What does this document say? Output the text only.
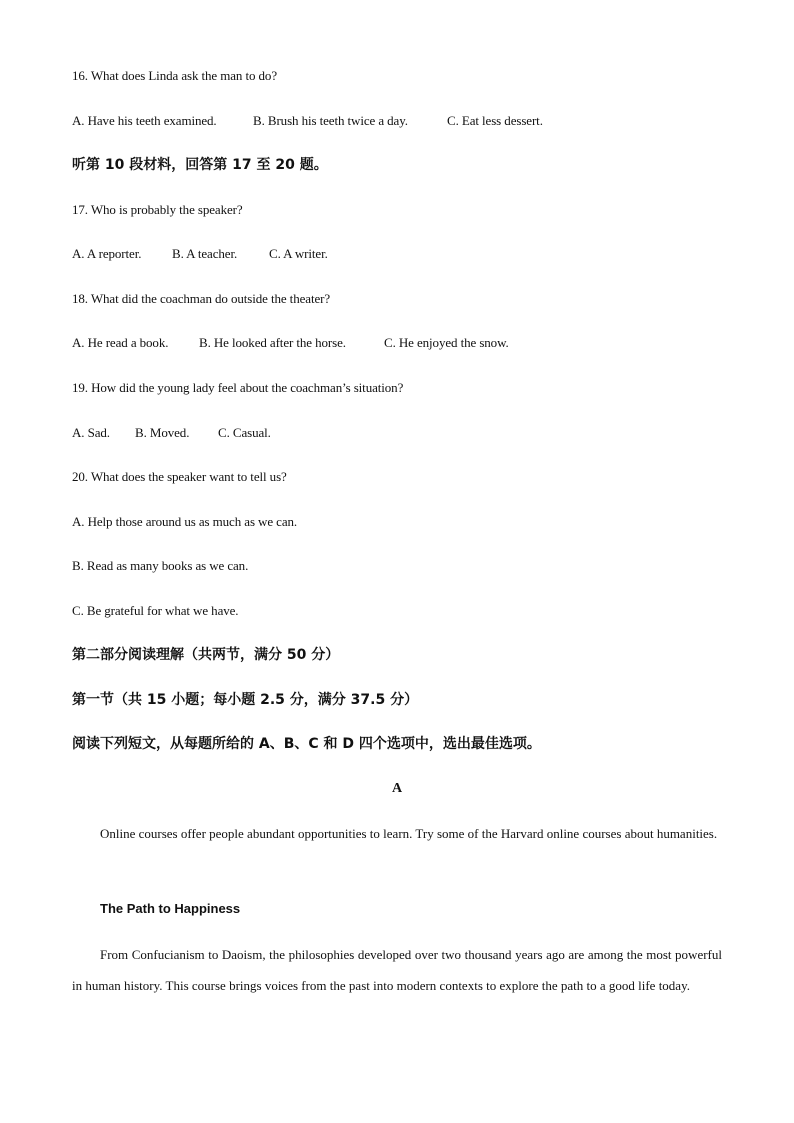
16. What does Linda ask the man to do?
A. Have his teeth examined.	B. Brush his teeth twice a day.	C. Eat less dessert.
听第 10 段材料，回答第 17 至 20 题。
17. Who is probably the speaker?
A. A reporter. B. A teacher. C. A writer.
18. What did the coachman do outside the theater?
A. He read a book. B. He looked after the horse.	C. He enjoyed the snow.
19. How did the young lady feel about the coachman’s situation?
A. Sad. B. Moved. C. Casual.
20. What does the speaker want to tell us?
A. Help those around us as much as we can.
B. Read as many books as we can.
C. Be grateful for what we have.
第二部分阅读理解（共两节，满分 50 分）
第一节（共 15 小题；每小题 2.5 分，满分 37.5 分）
阅读下列短文，从每题所给的 A、B、C 和 D 四个选项中，选出最佳选项。
A
Online courses offer people abundant opportunities to learn. Try some of the Harvard online courses about humanities.
The Path to Happiness
From Confucianism to Daoism, the philosophies developed over two thousand years ago are among the most powerful in human history. This course brings voices from the past into modern contexts to explore the path to a good life today.
